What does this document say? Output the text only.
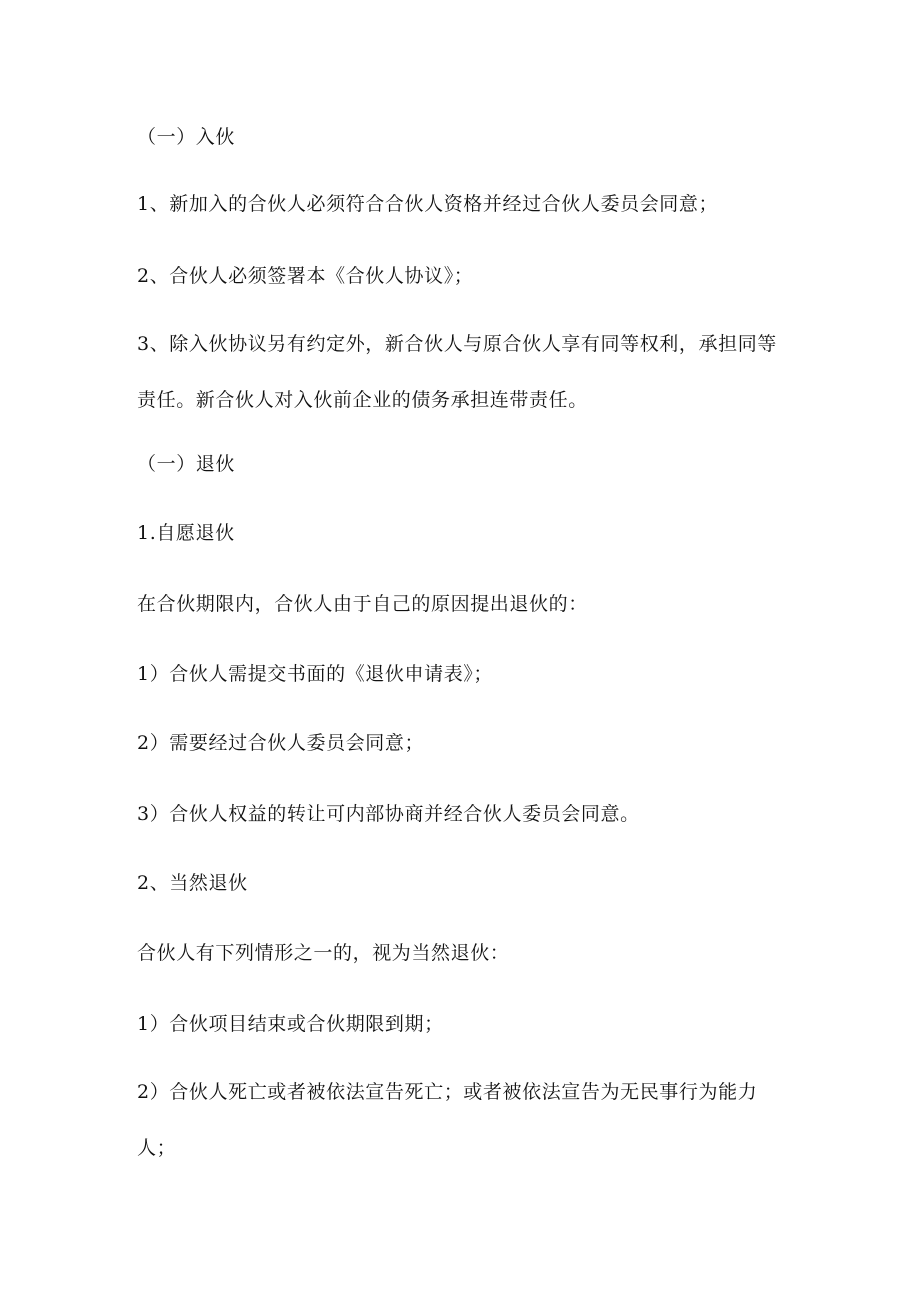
（一）入伙
1、新加入的合伙人必须符合合伙人资格并经过合伙人委员会同意；
2、合伙人必须签署本《合伙人协议》；
3、除入伙协议另有约定外，新合伙人与原合伙人享有同等权利，承担同等责任。新合伙人对入伙前企业的债务承担连带责任。
（一）退伙
1.自愿退伙
在合伙期限内，合伙人由于自己的原因提出退伙的：
1）合伙人需提交书面的《退伙申请表》；
2）需要经过合伙人委员会同意；
3）合伙人权益的转让可内部协商并经合伙人委员会同意。
2、当然退伙
合伙人有下列情形之一的，视为当然退伙：
1）合伙项目结束或合伙期限到期；
2）合伙人死亡或者被依法宣告死亡；或者被依法宣告为无民事行为能力人；
